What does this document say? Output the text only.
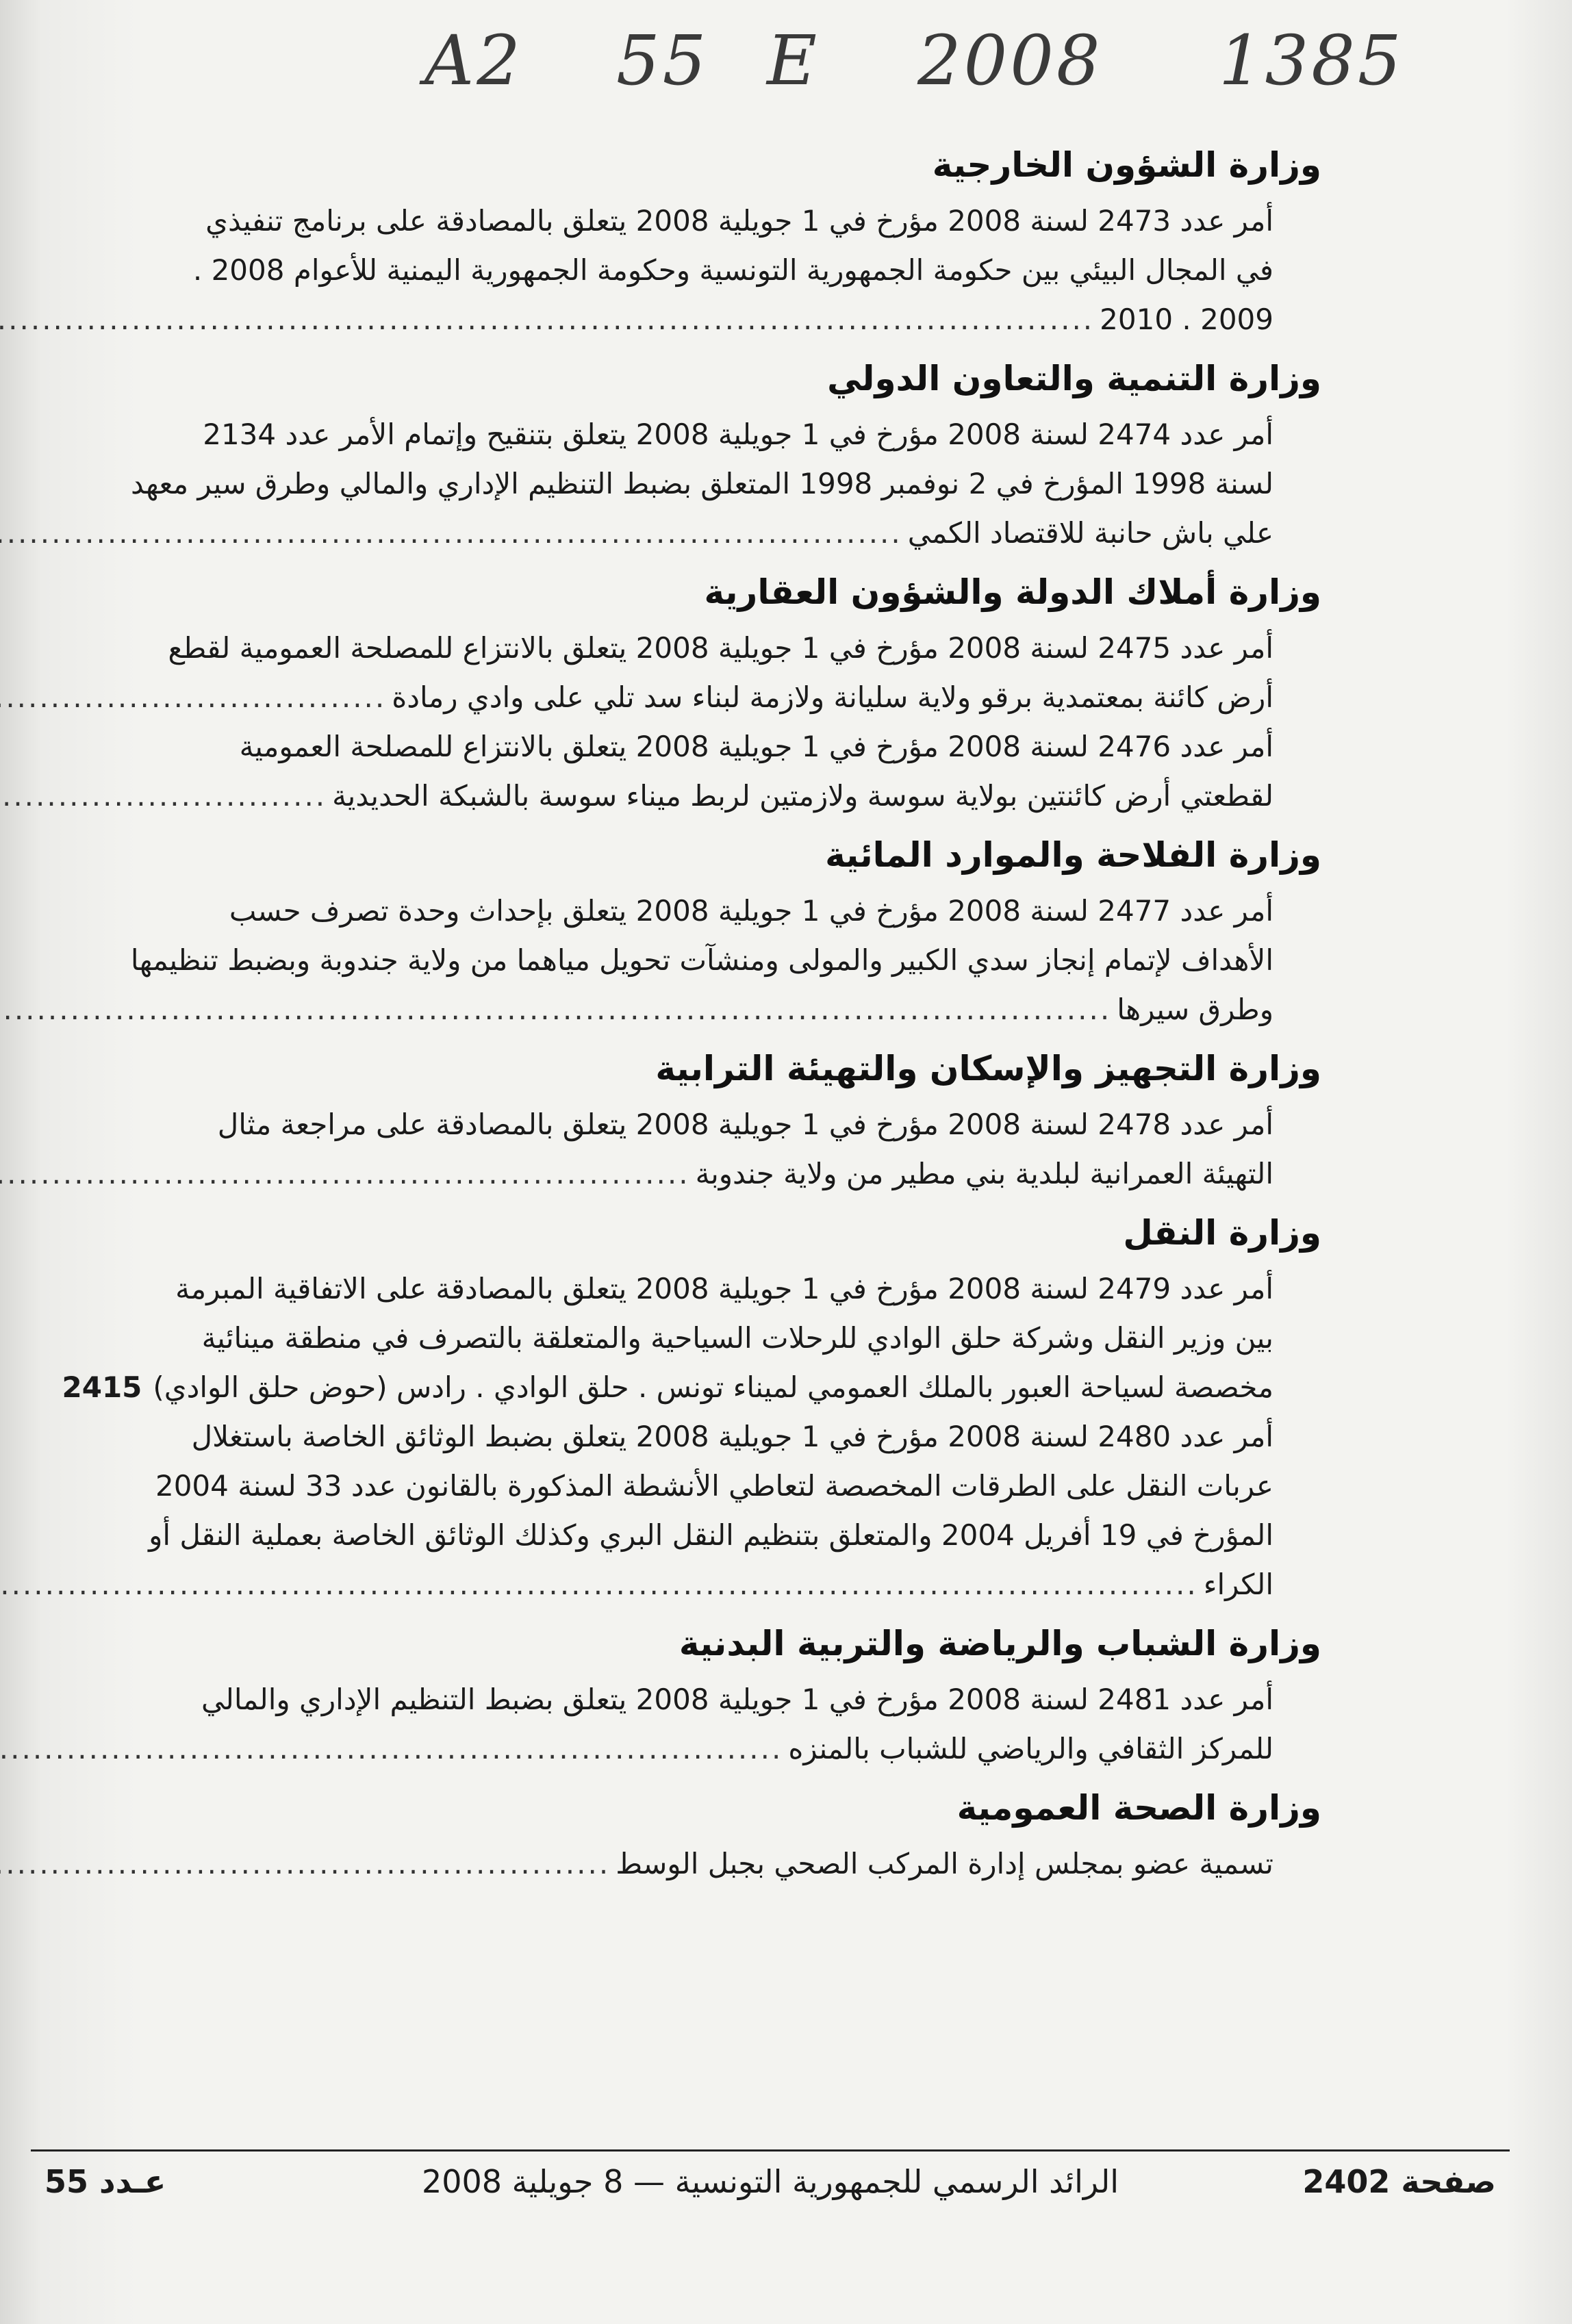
A2 55 E 2008 1385
وزارة الشؤون الخارجية
أمر عدد 2473 لسنة 2008 مؤرخ في 1 جويلية 2008 يتعلق بالمصادقة على برنامج تنفيذي
في المجال البيئي بين حكومة الجمهورية التونسية وحكومة الجمهورية اليمنية للأعوام 2008 .
2009 . 2010
.....
وزارة التنمية والتعاون الدولي
أمر عدد 2474 لسنة 2008 مؤرخ في 1 جويلية 2008 يتعلق بتنقيح وإتمام الأمر عدد 2134
لسنة 1998 المؤرخ في 2 نوفمبر 1998 المتعلق بضبط التنظيم الإداري والمالي وطرق سير معهد
علي باش حانبة للاقتصاد الكمي
.....
وزارة أملاك الدولة والشؤون العقارية
أمر عدد 2475 لسنة 2008 مؤرخ في 1 جويلية 2008 يتعلق بالانتزاع للمصلحة العمومية لقطع
أرض كائنة بمعتمدية برقو ولاية سليانة ولازمة لبناء سد تلي على وادي رمادة
.....
أمر عدد 2476 لسنة 2008 مؤرخ في 1 جويلية 2008 يتعلق بالانتزاع للمصلحة العمومية
لقطعتي أرض كائنتين بولاية سوسة ولازمتين لربط ميناء سوسة بالشبكة الحديدية
.....
وزارة الفلاحة والموارد المائية
أمر عدد 2477 لسنة 2008 مؤرخ في 1 جويلية 2008 يتعلق بإحداث وحدة تصرف حسب
الأهداف لإتمام إنجاز سدي الكبير والمولى ومنشآت تحويل مياهما من ولاية جندوبة وبضبط تنظيمها
وطرق سيرها
.....
وزارة التجهيز والإسكان والتهيئة الترابية
أمر عدد 2478 لسنة 2008 مؤرخ في 1 جويلية 2008 يتعلق بالمصادقة على مراجعة مثال
التهيئة العمرانية لبلدية بني مطير من ولاية جندوبة
.....
وزارة النقل
أمر عدد 2479 لسنة 2008 مؤرخ في 1 جويلية 2008 يتعلق بالمصادقة على الاتفاقية المبرمة
بين وزير النقل وشركة حلق الوادي للرحلات السياحية والمتعلقة بالتصرف في منطقة مينائية
مخصصة لسياحة العبور بالملك العمومي لميناء تونس . حلق الوادي . رادس (حوض حلق الوادي)
2415
أمر عدد 2480 لسنة 2008 مؤرخ في 1 جويلية 2008 يتعلق بضبط الوثائق الخاصة باستغلال
عربات النقل على الطرقات المخصصة لتعاطي الأنشطة المذكورة بالقانون عدد 33 لسنة 2004
المؤرخ في 19 أفريل 2004 والمتعلق بتنظيم النقل البري وكذلك الوثائق الخاصة بعملية النقل أو
الكراء
.....
وزارة الشباب والرياضة والتربية البدنية
أمر عدد 2481 لسنة 2008 مؤرخ في 1 جويلية 2008 يتعلق بضبط التنظيم الإداري والمالي
للمركز الثقافي والرياضي للشباب بالمنزه
.....
وزارة الصحة العمومية
تسمية عضو بمجلس إدارة المركب الصحي بجبل الوسط
.....
صفحة 2402
الرائد الرسمي للجمهورية التونسية — 8 جويلية 2008
عـدد 55
